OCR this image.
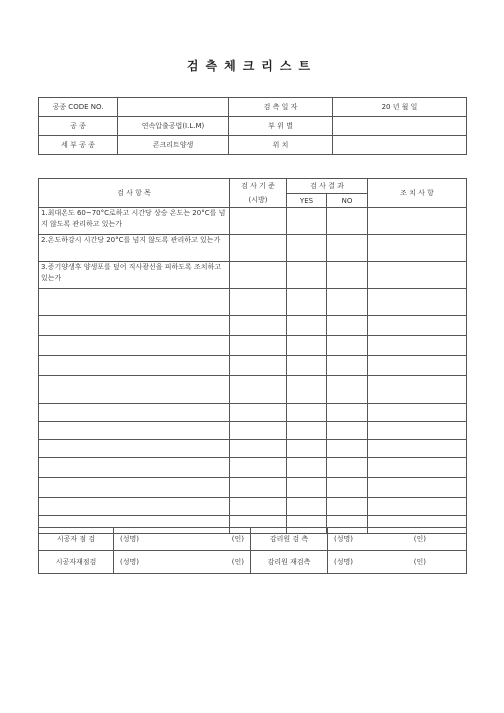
검측체크리스트
공종 CODE NO.		검 측 일 자	20 년 월 일
공 종	연속압출공법(I.L.M)	부 위 별	
세 부 공 종	콘크리트양생	위 치	
검 사 항 목	검 사 기 준	검 사 결 과		조 치 사 항
	(시방)	YES	NO	
1.최대온도 60~70°C로하고 시간당 상승 온도는 20°C를 넘지 않도록 관리하고 있는가				
2.온도하강시 시간당 20°C를 넘지 않도록 관리하고 있는가				
3.증기양생후 양생포를 덮어 직사광선을 피하도록 조치하고 있는가				

시공자 점 검	(성명) (인)	감리원 검 측	(성명) (인)

시공자재점검	(성명) (인)	감리원 재검측	(성명) (인)
